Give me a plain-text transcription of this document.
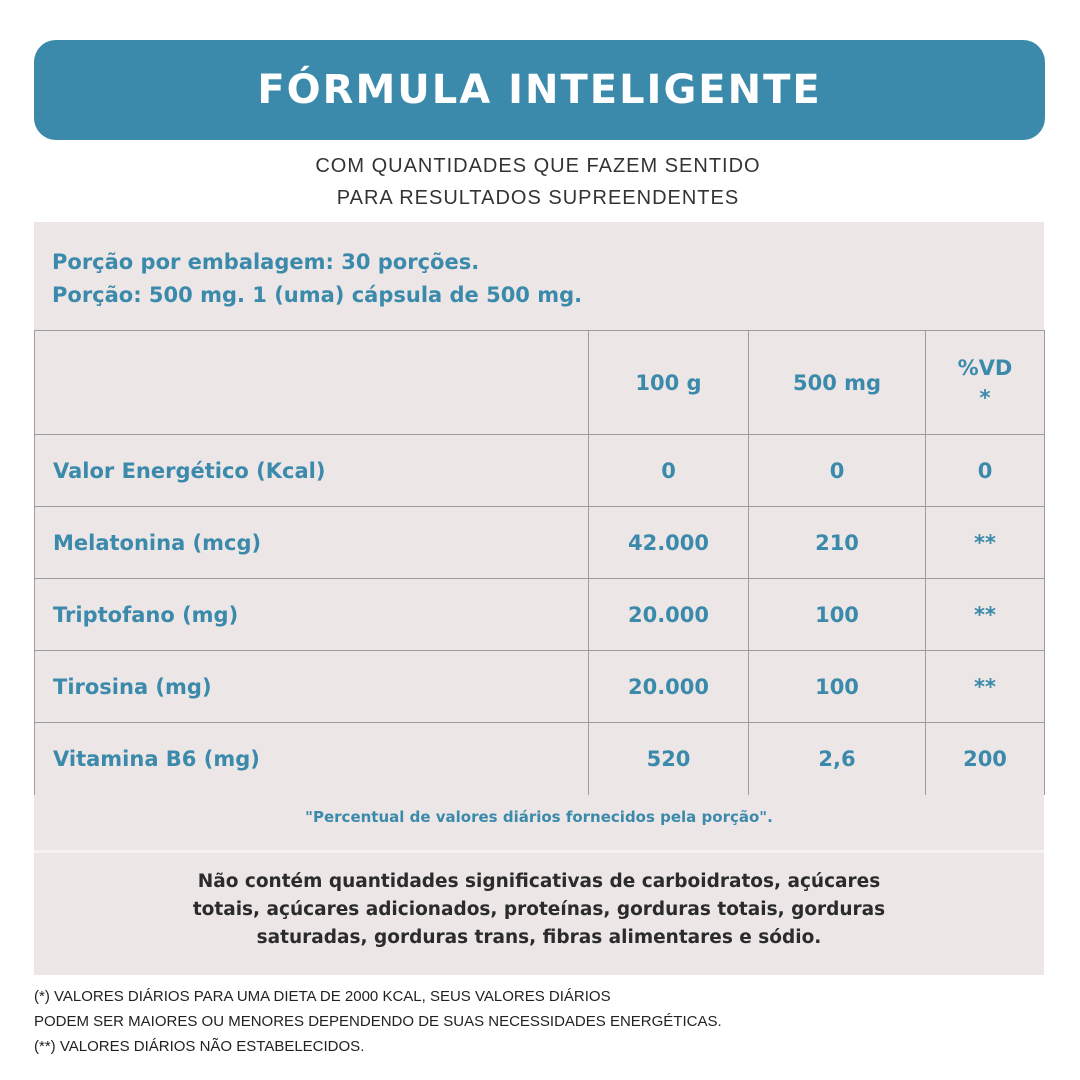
FÓRMULA INTELIGENTE
COM QUANTIDADES QUE FAZEM SENTIDO
PARA RESULTADOS SUPREENDENTES
Porção por embalagem: 30 porções.
Porção: 500 mg. 1 (uma) cápsula de 500 mg.
	100 g	500 mg	%VD
*
Valor Energético (Kcal)	0	0	0
Melatonina (mcg)	42.000	210	**
Triptofano (mg)	20.000	100	**
Tirosina (mg)	20.000	100	**
Vitamina B6 (mg)	520	2,6	200
"Percentual de valores diários fornecidos pela porção".
Não contém quantidades significativas de carboidratos, açúcares
totais, açúcares adicionados, proteínas, gorduras totais, gorduras
saturadas, gorduras trans, fibras alimentares e sódio.
(*) VALORES DIÁRIOS PARA UMA DIETA DE 2000 KCAL, SEUS VALORES DIÁRIOS
PODEM SER MAIORES OU MENORES DEPENDENDO DE SUAS NECESSIDADES ENERGÉTICAS.
(**) VALORES DIÁRIOS NÃO ESTABELECIDOS.
